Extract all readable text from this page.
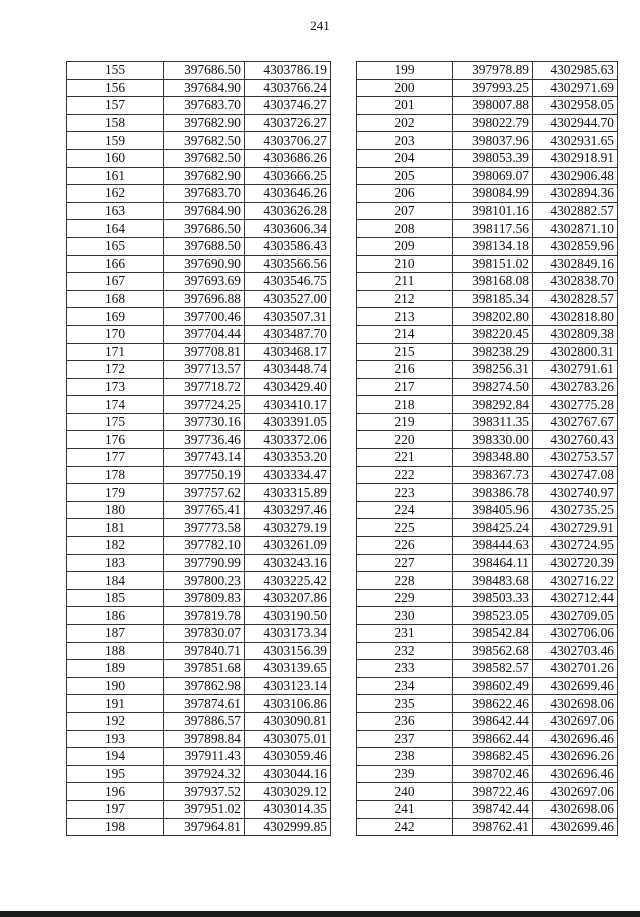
241
155	397686.50	4303786.19
156	397684.90	4303766.24
157	397683.70	4303746.27
158	397682.90	4303726.27
159	397682.50	4303706.27
160	397682.50	4303686.26
161	397682.90	4303666.25
162	397683.70	4303646.26
163	397684.90	4303626.28
164	397686.50	4303606.34
165	397688.50	4303586.43
166	397690.90	4303566.56
167	397693.69	4303546.75
168	397696.88	4303527.00
169	397700.46	4303507.31
170	397704.44	4303487.70
171	397708.81	4303468.17
172	397713.57	4303448.74
173	397718.72	4303429.40
174	397724.25	4303410.17
175	397730.16	4303391.05
176	397736.46	4303372.06
177	397743.14	4303353.20
178	397750.19	4303334.47
179	397757.62	4303315.89
180	397765.41	4303297.46
181	397773.58	4303279.19
182	397782.10	4303261.09
183	397790.99	4303243.16
184	397800.23	4303225.42
185	397809.83	4303207.86
186	397819.78	4303190.50
187	397830.07	4303173.34
188	397840.71	4303156.39
189	397851.68	4303139.65
190	397862.98	4303123.14
191	397874.61	4303106.86
192	397886.57	4303090.81
193	397898.84	4303075.01
194	397911.43	4303059.46
195	397924.32	4303044.16
196	397937.52	4303029.12
197	397951.02	4303014.35
198	397964.81	4302999.85
199	397978.89	4302985.63
200	397993.25	4302971.69
201	398007.88	4302958.05
202	398022.79	4302944.70
203	398037.96	4302931.65
204	398053.39	4302918.91
205	398069.07	4302906.48
206	398084.99	4302894.36
207	398101.16	4302882.57
208	398117.56	4302871.10
209	398134.18	4302859.96
210	398151.02	4302849.16
211	398168.08	4302838.70
212	398185.34	4302828.57
213	398202.80	4302818.80
214	398220.45	4302809.38
215	398238.29	4302800.31
216	398256.31	4302791.61
217	398274.50	4302783.26
218	398292.84	4302775.28
219	398311.35	4302767.67
220	398330.00	4302760.43
221	398348.80	4302753.57
222	398367.73	4302747.08
223	398386.78	4302740.97
224	398405.96	4302735.25
225	398425.24	4302729.91
226	398444.63	4302724.95
227	398464.11	4302720.39
228	398483.68	4302716.22
229	398503.33	4302712.44
230	398523.05	4302709.05
231	398542.84	4302706.06
232	398562.68	4302703.46
233	398582.57	4302701.26
234	398602.49	4302699.46
235	398622.46	4302698.06
236	398642.44	4302697.06
237	398662.44	4302696.46
238	398682.45	4302696.26
239	398702.46	4302696.46
240	398722.46	4302697.06
241	398742.44	4302698.06
242	398762.41	4302699.46
